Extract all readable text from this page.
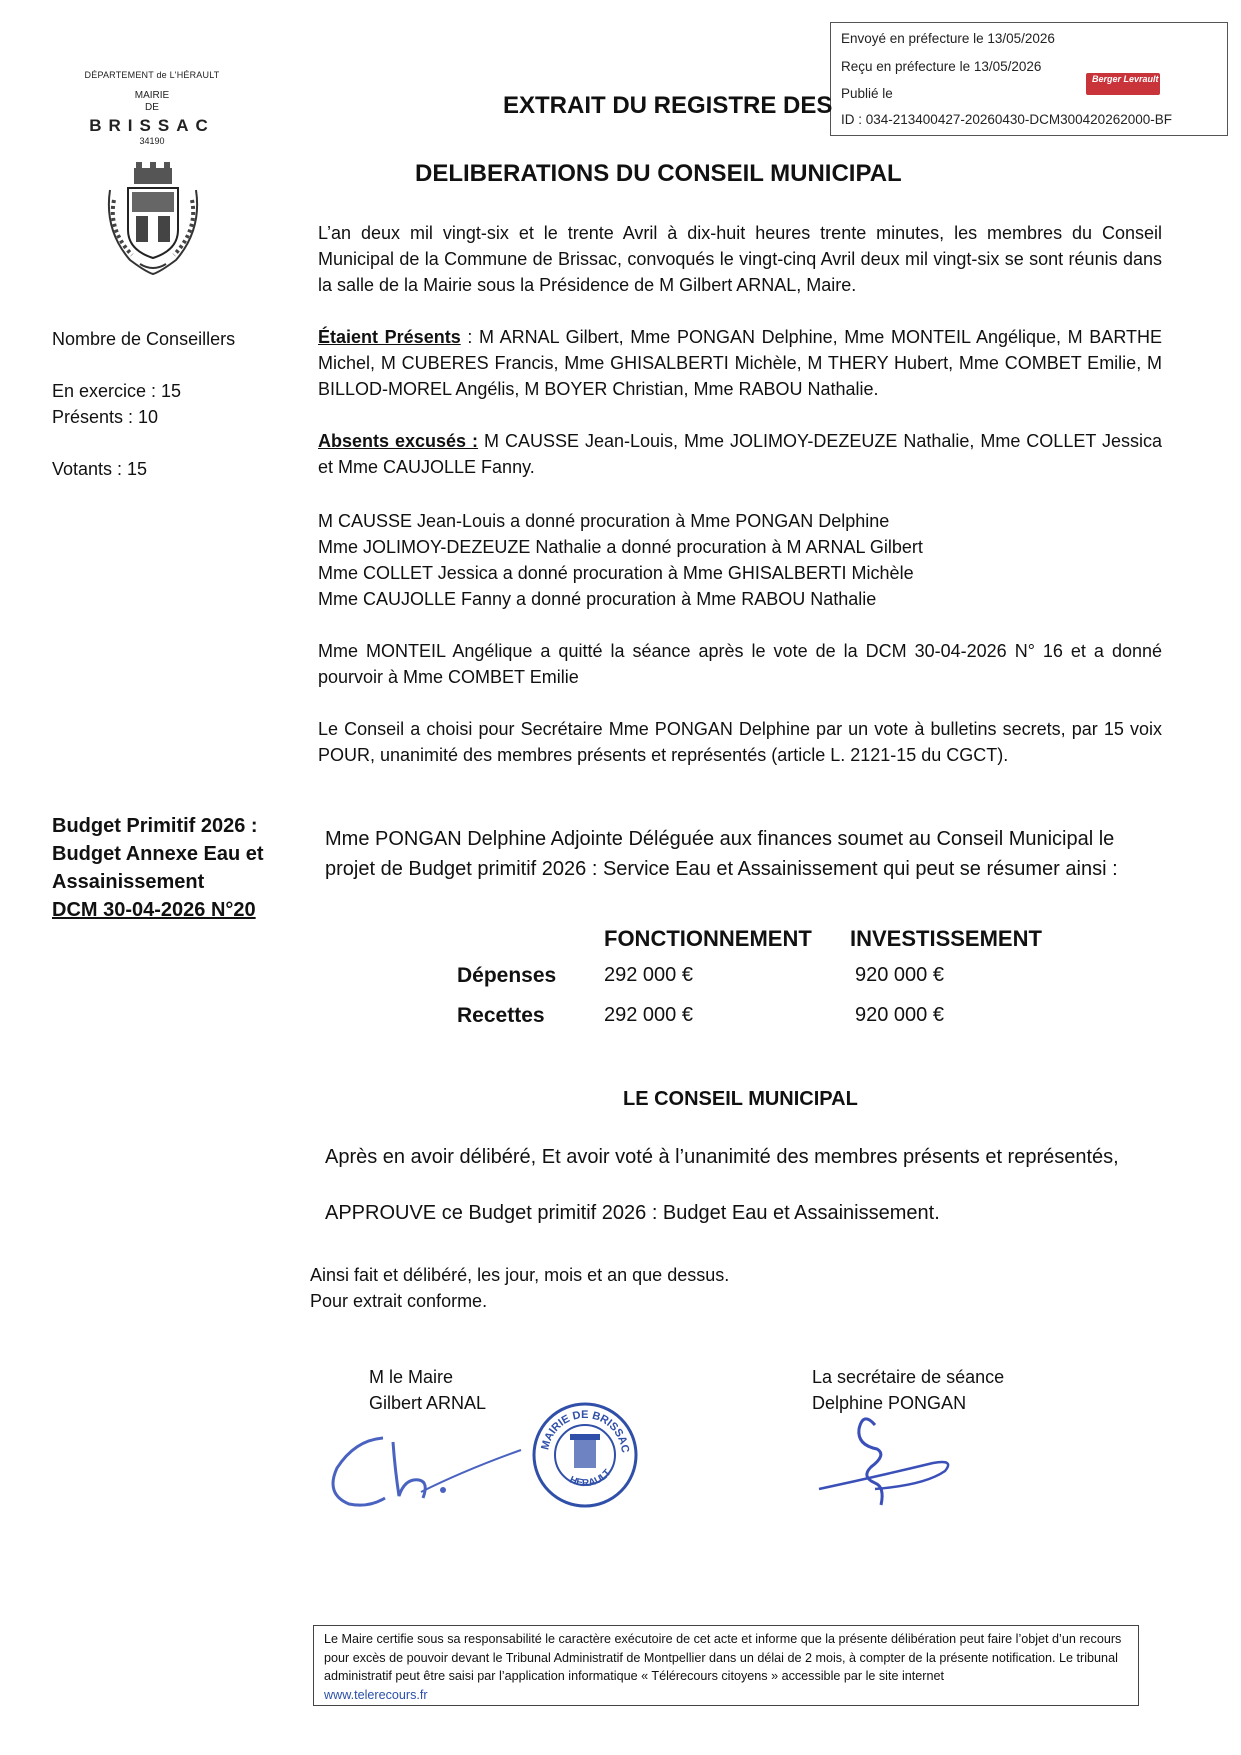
Envoyé en préfecture le 13/05/2026
Reçu en préfecture le 13/05/2026
Publié le
ID : 034-213400427-20260430-DCM300420262000-BF
Berger Levrault
DÉPARTEMENT de L'HÉRAULT
MAIRIE
DE
BRISSAC
34190
EXTRAIT DU REGISTRE DES
DELIBERATIONS DU CONSEIL MUNICIPAL
L’an deux mil vingt-six et le trente Avril à dix-huit heures trente minutes, les membres du Conseil Municipal de la Commune de Brissac, convoqués le vingt-cinq Avril deux mil vingt-six se sont réunis dans la salle de la Mairie sous la Présidence de M Gilbert ARNAL, Maire.
Nombre de Conseillers
En exercice : 15
Présents : 10
Votants : 15
Étaient Présents : M ARNAL Gilbert, Mme PONGAN Delphine, Mme MONTEIL Angélique, M BARTHE Michel, M CUBERES Francis, Mme GHISALBERTI Michèle, M THERY Hubert, Mme COMBET Emilie, M BILLOD-MOREL Angélis, M BOYER Christian, Mme RABOU Nathalie.
Absents excusés : M CAUSSE Jean-Louis, Mme JOLIMOY-DEZEUZE Nathalie, Mme COLLET Jessica et Mme CAUJOLLE Fanny.
M CAUSSE Jean-Louis a donné procuration à Mme PONGAN Delphine
Mme JOLIMOY-DEZEUZE Nathalie a donné procuration à M ARNAL Gilbert
Mme COLLET Jessica a donné procuration à Mme GHISALBERTI Michèle
Mme CAUJOLLE Fanny a donné procuration à Mme RABOU Nathalie
Mme MONTEIL Angélique a quitté la séance après le vote de la DCM 30-04-2026 N° 16 et a donné pourvoir à Mme COMBET Emilie
Le Conseil a choisi pour Secrétaire Mme PONGAN Delphine par un vote à bulletins secrets, par 15 voix POUR, unanimité des membres présents et représentés (article L. 2121-15 du CGCT).
Budget Primitif 2026 :
Budget Annexe Eau et
Assainissement
DCM 30-04-2026 N°20
Mme PONGAN Delphine Adjointe Déléguée aux finances soumet au Conseil Municipal le
projet de Budget primitif 2026 : Service Eau et Assainissement qui peut se résumer ainsi :
FONCTIONNEMENT INVESTISSEMENT
Dépenses 292 000 €	920 000 €
Recettes	292 000 €	920 000 €
LE CONSEIL MUNICIPAL
Après en avoir délibéré, Et avoir voté à l’unanimité des membres présents et représentés,
APPROUVE ce Budget primitif 2026 : Budget Eau et Assainissement.
Ainsi fait et délibéré, les jour, mois et an que dessus.
Pour extrait conforme.
M le Maire
Gilbert ARNAL
La secrétaire de séance
Delphine PONGAN
MAIRIE DE BRISSAC
HERAULT
Le Maire certifie sous sa responsabilité le caractère exécutoire de cet acte et informe que la présente délibération peut faire l’objet d’un recours pour excès de pouvoir devant le Tribunal Administratif de Montpellier dans un délai de 2 mois, à compter de la présente notification. Le tribunal administratif peut être saisi par l’application informatique « Télérecours citoyens » accessible par le site internet
www.telerecours.fr
